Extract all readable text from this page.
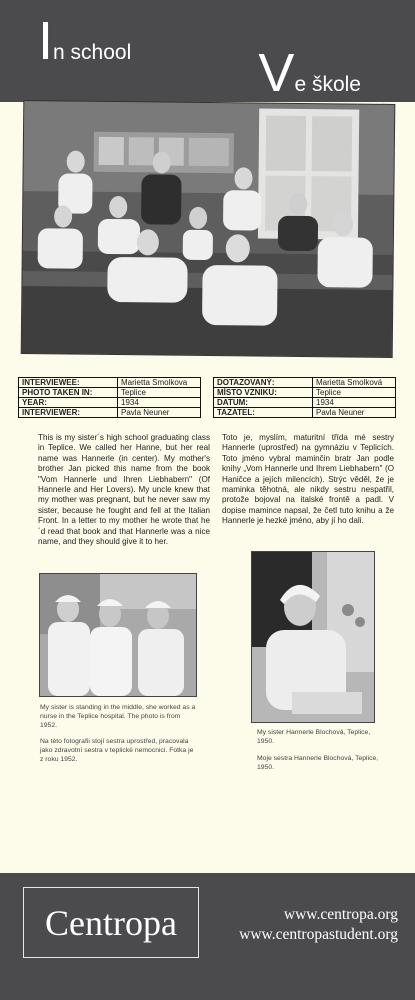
In school Ve škole
INTERVIEWEE:	Marietta Smolkova
PHOTO TAKEN IN:	Teplice
YEAR:	1934
INTERVIEWER:	Pavla Neuner
DOTAZOVANÝ:	Marietta Smolková
MÍSTO VZNIKU:	Teplice
DATUM:	1934
TAZATEL:	Pavla Neuner

This is my sister´s high school graduating class in Teplice. We called her Hanne, but her real name was Hannerle (in center). My mother's brother Jan picked this name from the book "Vom Hannerle und Ihren Liebhabern" (Of Hannerle and Her Lovers). My uncle knew that my mother was pregnant, but he never saw my sister, because he fought and fell at the Italian Front. In a letter to my mother he wrote that he´d read that book and that Hannerle was a nice name, and they should give it to her.

Toto je, myslím, maturitní třída mé sestry Hannerle (uprostřed) na gymnáziu v Teplicích. Toto jméno vybral maminčin bratr Jan podle knihy „Vom Hannerle und Ihrem Liebhabern" (O Haničce a jejích milencích). Strýc věděl, že je maminka těhotná, ale nikdy sestru nespatřil, protože bojoval na italské frontě a padl. V dopise mamince napsal, že četl tuto knihu a že Hannerle je hezké jméno, aby jí ho dali.

My sister is standing in the middle, she worked as a nurse in the Teplice hospital. The photo is from 1952.

Na této fotografii stojí sestra uprostřed, pracovala jako zdravotní sestra v teplické nemocnici. Fotka je z roku 1952.

My sister Hannerle Blochová, Teplice, 1950.

Moje sestra Hannerle Blochová, Teplice, 1950.

Centropa	www.centropa.org
www.centropastudent.org
